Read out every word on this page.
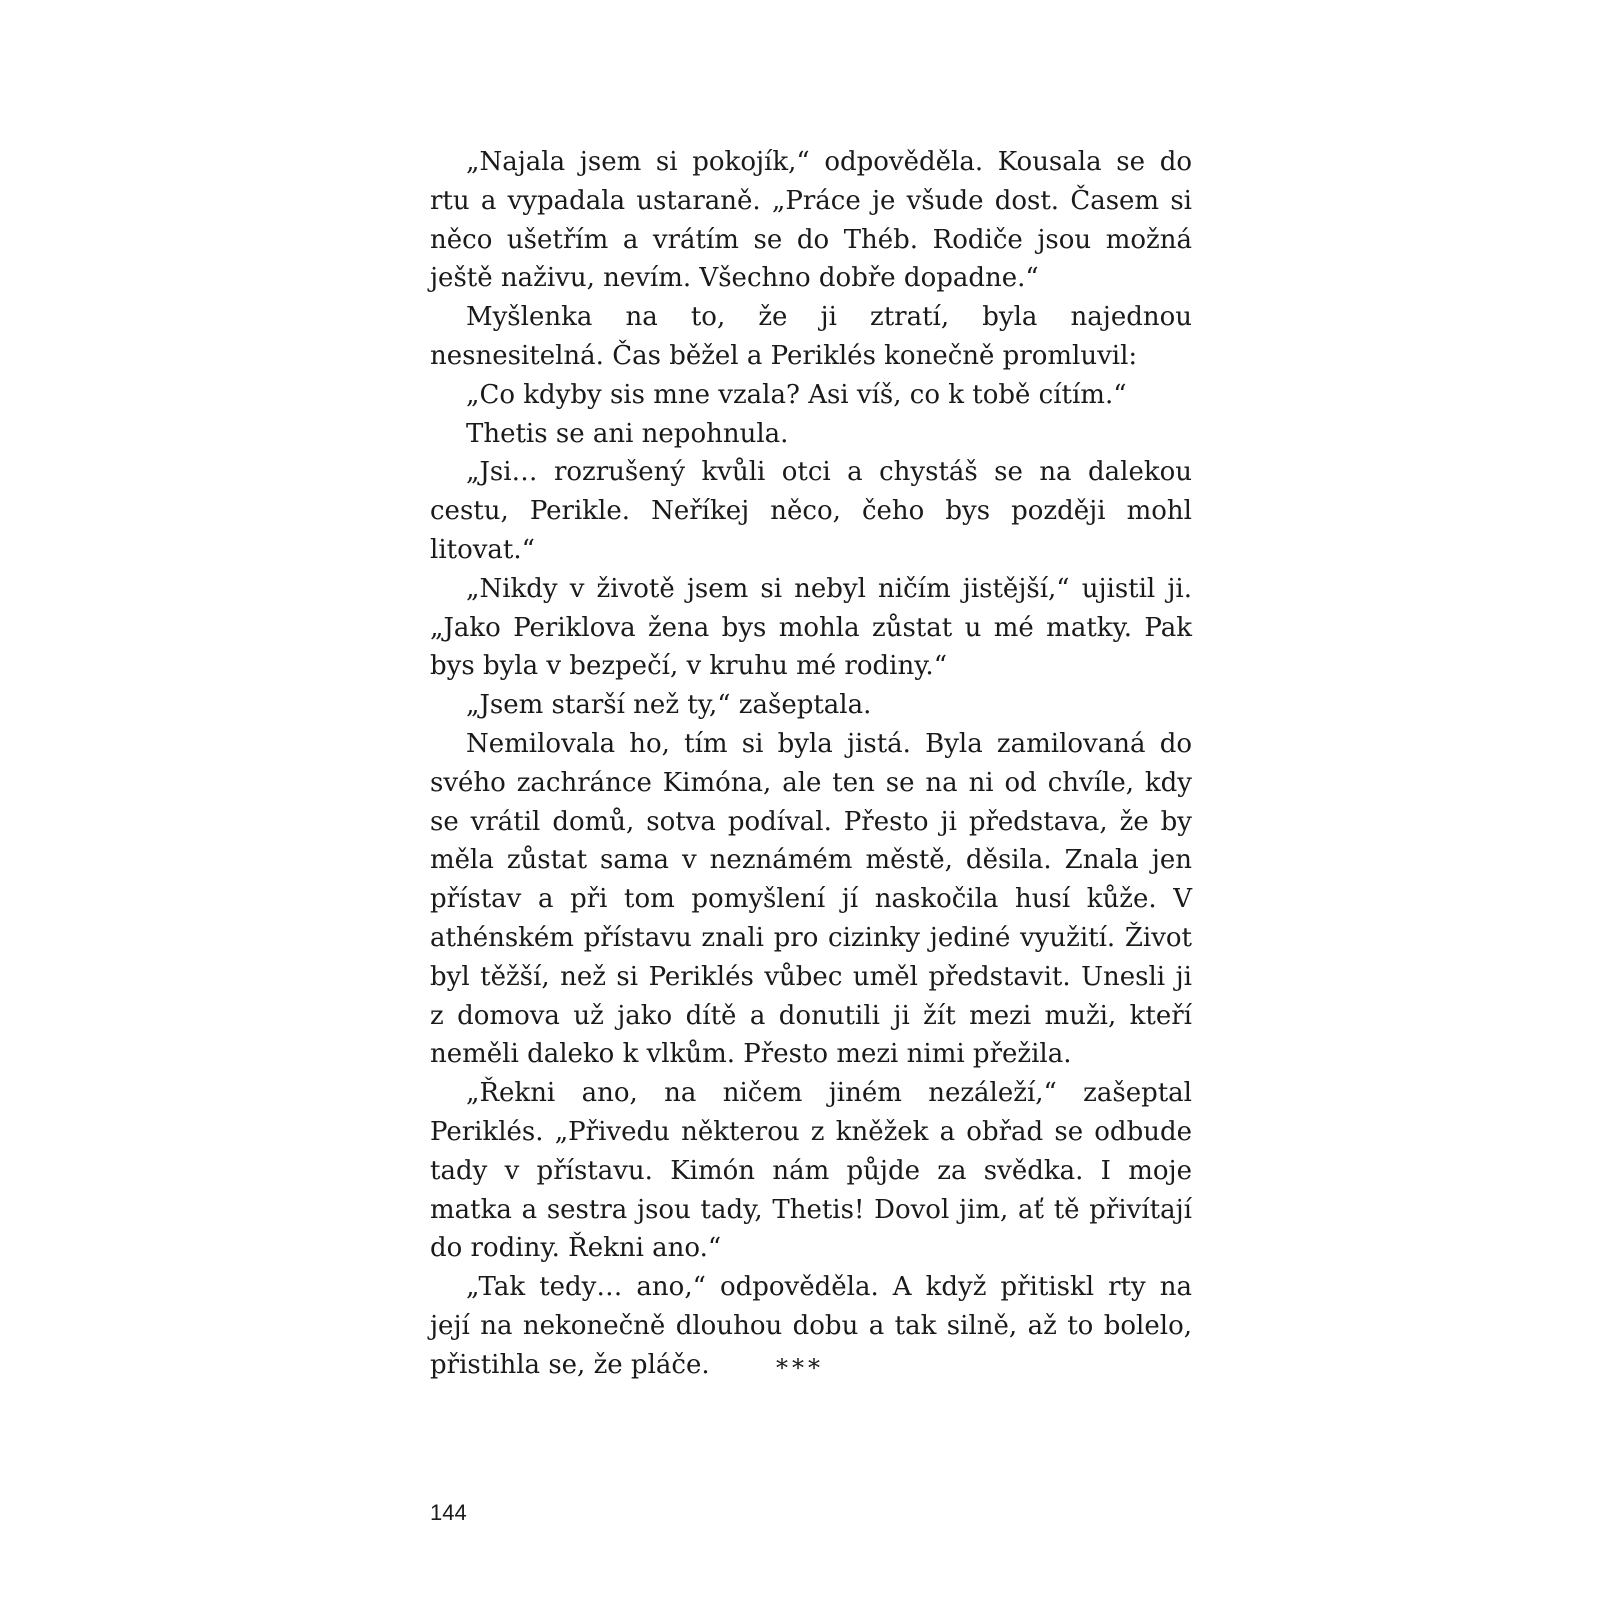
„Najala jsem si pokojík,“ odpověděla. Kousala se do rtu a vypadala ustaraně. „Práce je všude dost. Časem si něco ušetřím a vrátím se do Théb. Rodiče jsou možná ještě naživu, nevím. Všechno dobře dopadne.“

Myšlenka na to, že ji ztratí, byla najednou nesnesitelná. Čas běžel a Periklés konečně promluvil:

„Co kdyby sis mne vzala? Asi víš, co k tobě cítím.“

Thetis se ani nepohnula.

„Jsi… rozrušený kvůli otci a chystáš se na dalekou cestu, Perikle. Neříkej něco, čeho bys později mohl litovat.“

„Nikdy v životě jsem si nebyl ničím jistější,“ ujistil ji. „Jako Periklova žena bys mohla zůstat u mé matky. Pak bys byla v bezpečí, v kruhu mé rodiny.“

„Jsem starší než ty,“ zašeptala.

Nemilovala ho, tím si byla jistá. Byla zamilovaná do svého zachránce Kimóna, ale ten se na ni od chvíle, kdy se vrátil domů, sotva podíval. Přesto ji představa, že by měla zůstat sama v neznámém městě, děsila. Znala jen přístav a při tom pomyšlení jí naskočila husí kůže. V athénském přístavu znali pro cizinky jediné využití. Život byl těžší, než si Periklés vůbec uměl představit. Unesli ji z domova už jako dítě a donutili ji žít mezi muži, kteří neměli daleko k vlkům. Přesto mezi nimi přežila.

„Řekni ano, na ničem jiném nezáleží,“ zašeptal Periklés. „Přivedu některou z kněžek a obřad se odbude tady v přístavu. Kimón nám půjde za svědka. I moje matka a sestra jsou tady, Thetis! Dovol jim, ať tě přivítají do rodiny. Řekni ano.“

„Tak tedy… ano,“ odpověděla. A když přitiskl rty na její na nekonečně dlouhou dobu a tak silně, až to bolelo, přistihla se, že pláče.	***
144
